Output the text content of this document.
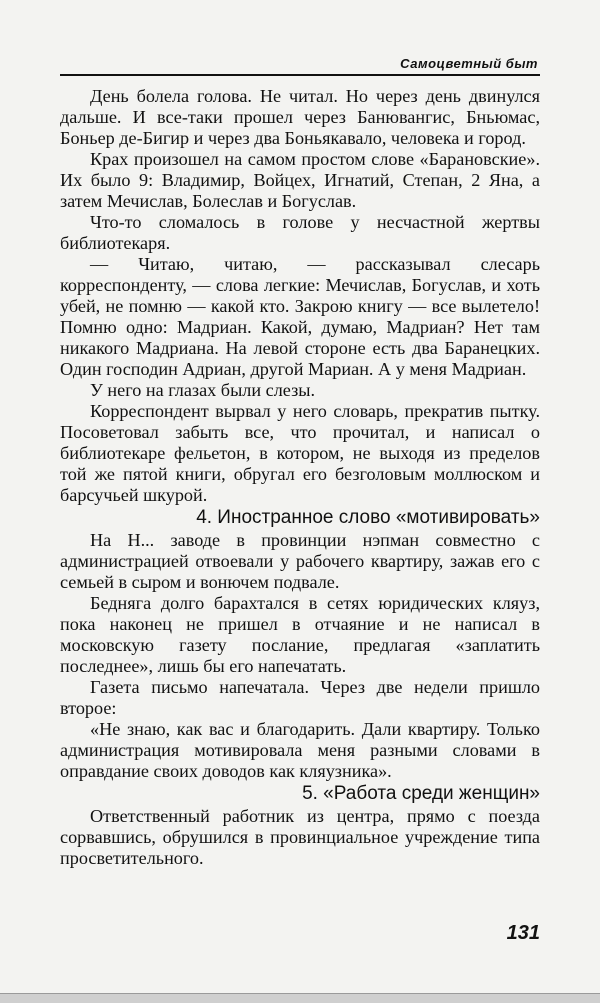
Самоцветный быт

День болела голова. Не читал. Но через день двинулся дальше. И все-таки прошел через Банювангис, Бньюмас, Боньер де-Бигир и через два Боньякавало, человека и город.

Крах произошел на самом простом слове «Барановские». Их было 9: Владимир, Войцех, Игнатий, Степан, 2 Яна, а затем Мечислав, Болеслав и Богуслав.

Что-то сломалось в голове у несчастной жертвы библиотекаря.

— Читаю, читаю, — рассказывал слесарь корреспонденту, — слова легкие: Мечислав, Богуслав, и хоть убей, не помню — какой кто. Закрою книгу — все вылетело! Помню одно: Мадриан. Какой, думаю, Мадриан? Нет там никакого Мадриана. На левой стороне есть два Баранецких. Один господин Адриан, другой Мариан. А у меня Мадриан.

У него на глазах были слезы.

Корреспондент вырвал у него словарь, прекратив пытку. Посоветовал забыть все, что прочитал, и написал о библиотекаре фельетон, в котором, не выходя из пределов той же пятой книги, обругал его безголовым моллюском и барсучьей шкурой.

4. Иностранное слово «мотивировать»

На Н... заводе в провинции нэпман совместно с администрацией отвоевали у рабочего квартиру, зажав его с семьей в сыром и вонючем подвале.

Бедняга долго барахтался в сетях юридических кляуз, пока наконец не пришел в отчаяние и не написал в московскую газету послание, предлагая «заплатить последнее», лишь бы его напечатать.

Газета письмо напечатала. Через две недели пришло второе:

«Не знаю, как вас и благодарить. Дали квартиру. Только администрация мотивировала меня разными словами в оправдание своих доводов как кляузника».

5. «Работа среди женщин»

Ответственный работник из центра, прямо с поезда сорвавшись, обрушился в провинциальное учреждение типа просветительного.

131
